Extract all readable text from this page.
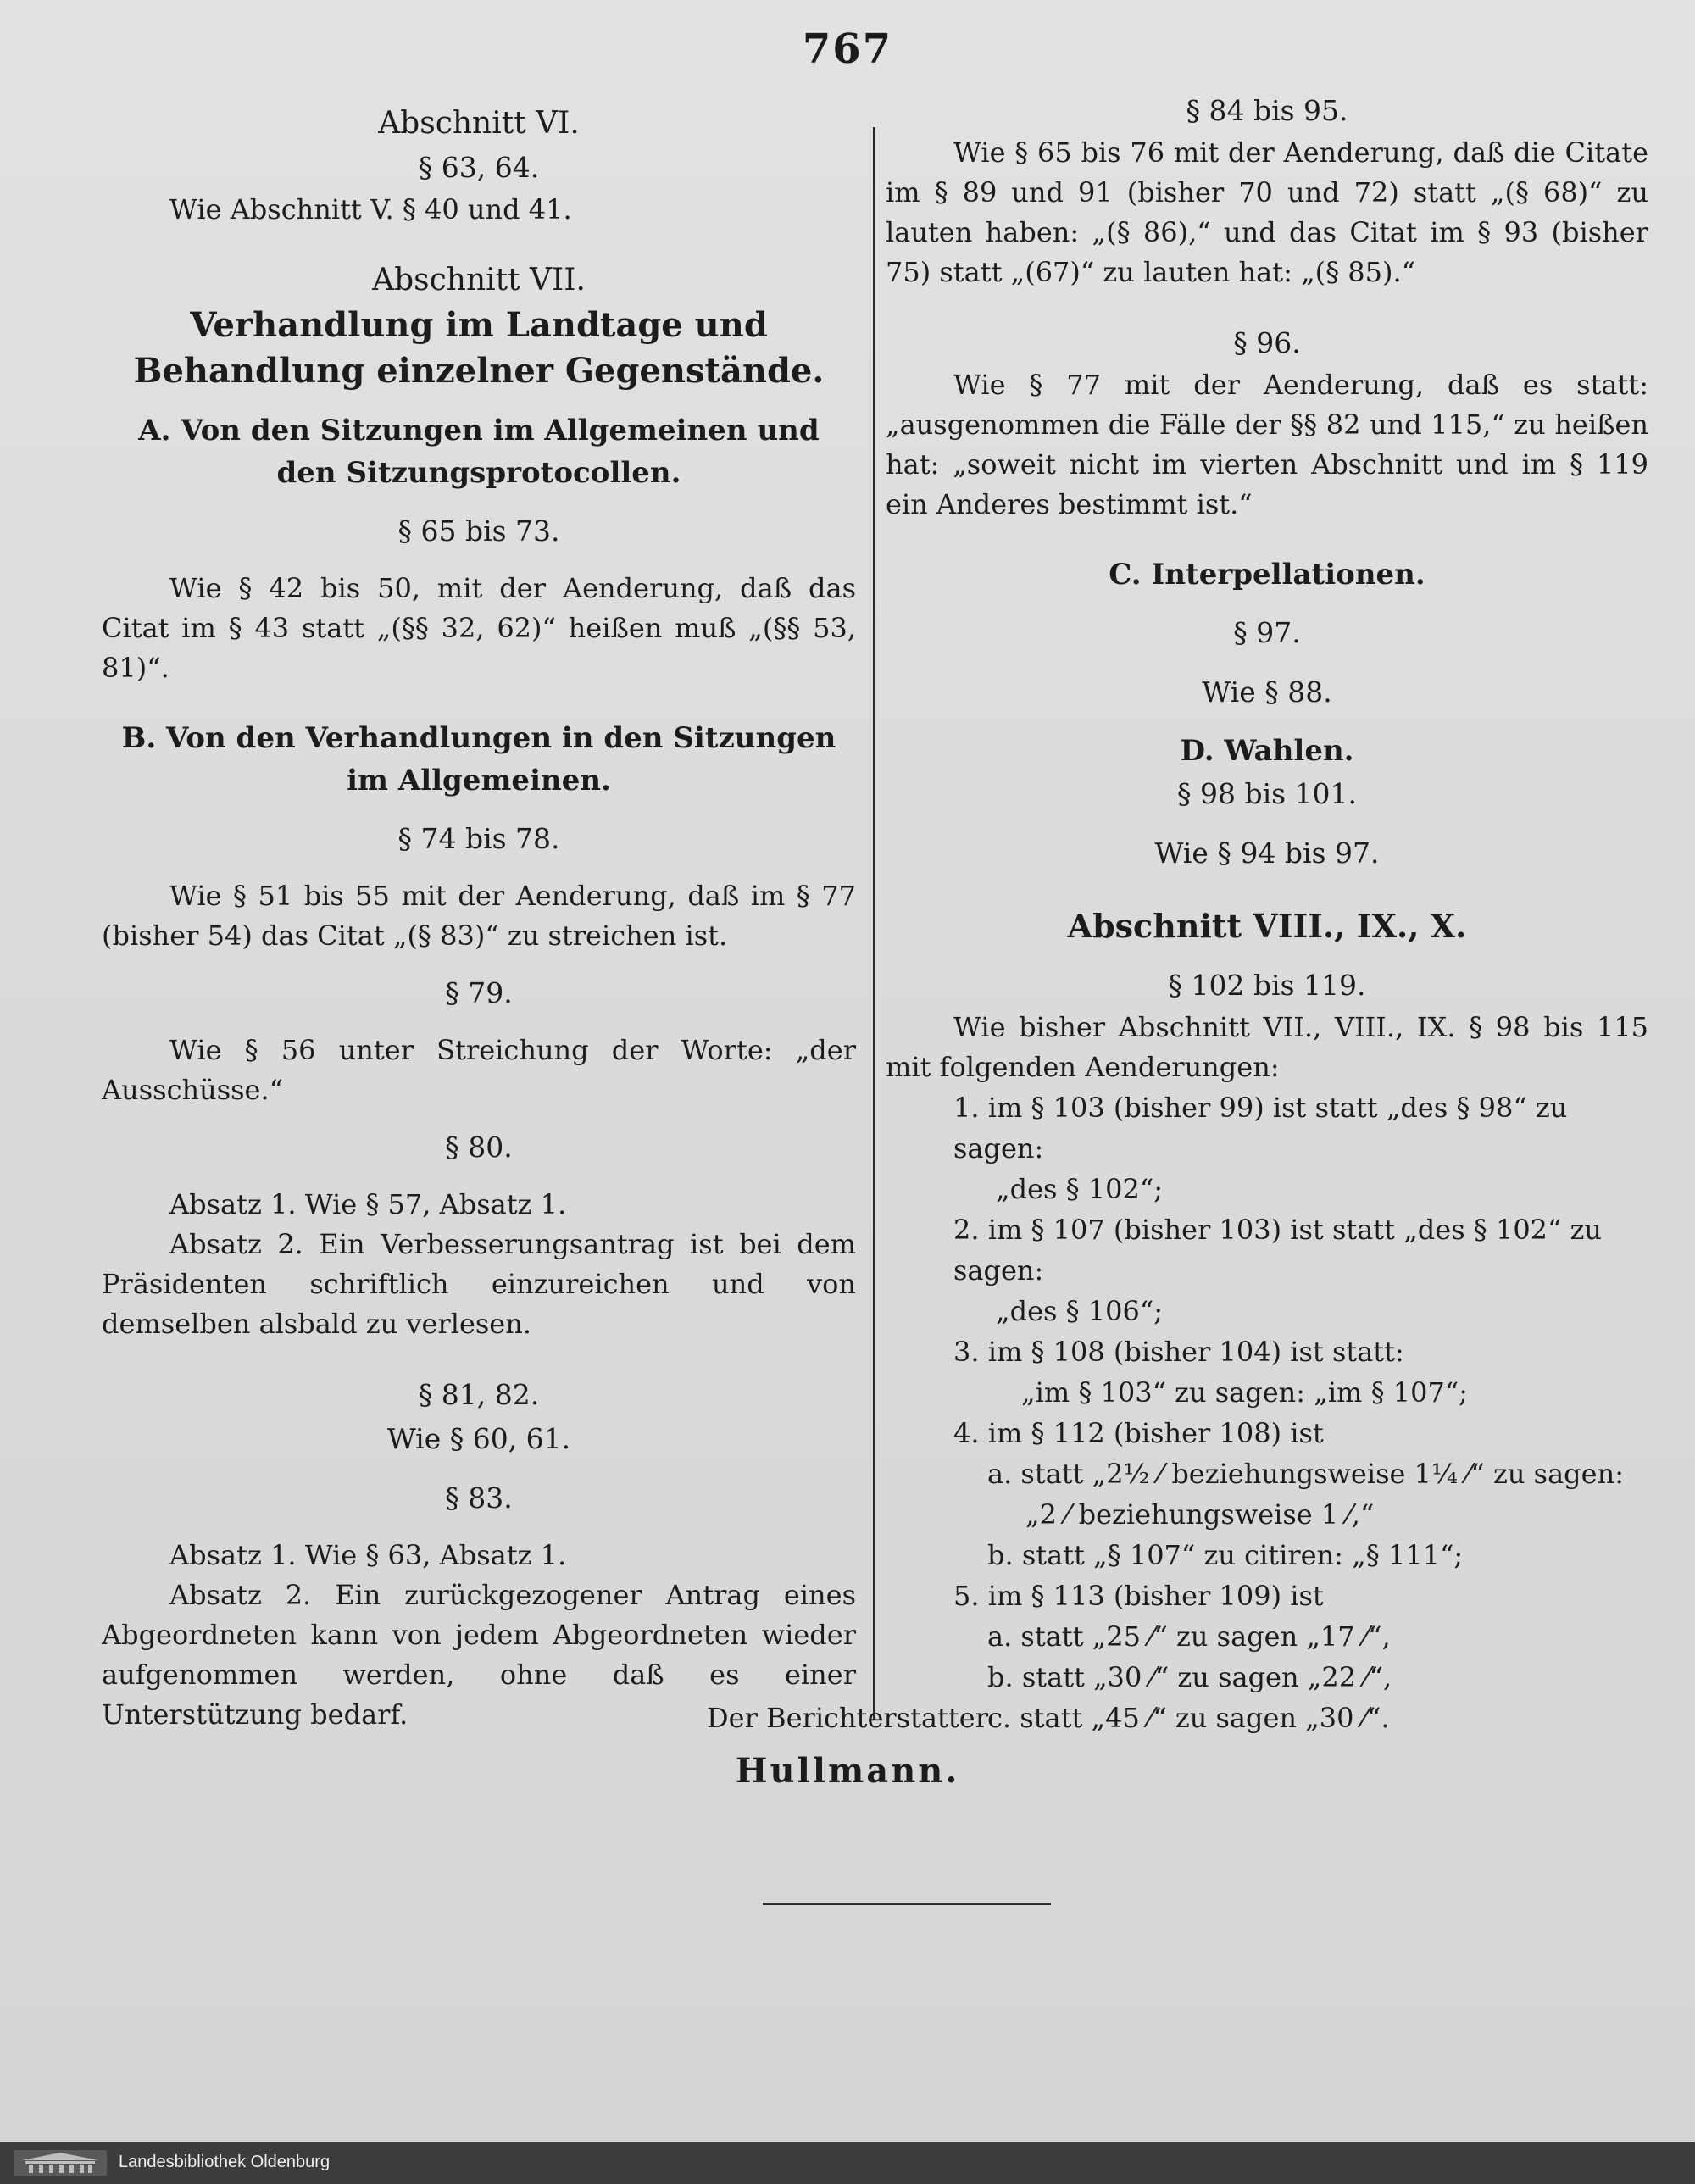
767

Abschnitt VI.

§ 63, 64.

Wie Abschnitt V. § 40 und 41.

Abschnitt VII.

Verhandlung im Landtage und Behandlung einzelner Gegenstände.

A. Von den Sitzungen im Allgemeinen und den Sitzungsprotocollen.

§ 65 bis 73.

Wie § 42 bis 50, mit der Aenderung, daß das Citat im § 43 statt „(§§ 32, 62)“ heißen muß „(§§ 53, 81)“.

B. Von den Verhandlungen in den Sitzungen im Allgemeinen.

§ 74 bis 78.

Wie § 51 bis 55 mit der Aenderung, daß im § 77 (bisher 54) das Citat „(§ 83)“ zu streichen ist.

§ 79.

Wie § 56 unter Streichung der Worte: „der Ausschüsse.“

§ 80.

Absatz 1. Wie § 57, Absatz 1.

Absatz 2. Ein Verbesserungsantrag ist bei dem Präsidenten schriftlich einzureichen und von demselben alsbald zu verlesen.

§ 81, 82.

Wie § 60, 61.

§ 83.

Absatz 1. Wie § 63, Absatz 1.

Absatz 2. Ein zurückgezogener Antrag eines Abgeordneten kann von jedem Abgeordneten wieder aufgenommen werden, ohne daß es einer Unterstützung bedarf.

§ 84 bis 95.

Wie § 65 bis 76 mit der Aenderung, daß die Citate im § 89 und 91 (bisher 70 und 72) statt „(§ 68)“ zu lauten haben: „(§ 86),“ und das Citat im § 93 (bisher 75) statt „(67)“ zu lauten hat: „(§ 85).“

§ 96.

Wie § 77 mit der Aenderung, daß es statt: „ausgenommen die Fälle der §§ 82 und 115,“ zu heißen hat: „soweit nicht im vierten Abschnitt und im § 119 ein Anderes bestimmt ist.“

C. Interpellationen.

§ 97.

Wie § 88.

D. Wahlen.

§ 98 bis 101.

Wie § 94 bis 97.

Abschnitt VIII., IX., X.

§ 102 bis 119.

Wie bisher Abschnitt VII., VIII., IX. § 98 bis 115 mit folgenden Aenderungen:

1. im § 103 (bisher 99) ist statt „des § 98“ zu sagen:

„des § 102“;

2. im § 107 (bisher 103) ist statt „des § 102“ zu sagen:

„des § 106“;

3. im § 108 (bisher 104) ist statt:

„im § 103“ zu sagen: „im § 107“;

4. im § 112 (bisher 108) ist

a. statt „2½ ⁄ beziehungsweise 1¼ ⁄“ zu sagen:

„2 ⁄ beziehungsweise 1 ⁄,“

b. statt „§ 107“ zu citiren: „§ 111“;

5. im § 113 (bisher 109) ist

a. statt „25 ⁄“ zu sagen „17 ⁄“,

b. statt „30 ⁄“ zu sagen „22 ⁄“,

c. statt „45 ⁄“ zu sagen „30 ⁄“.

Der Berichterstatter
Hullmann.
Landesbibliothek Oldenburg
